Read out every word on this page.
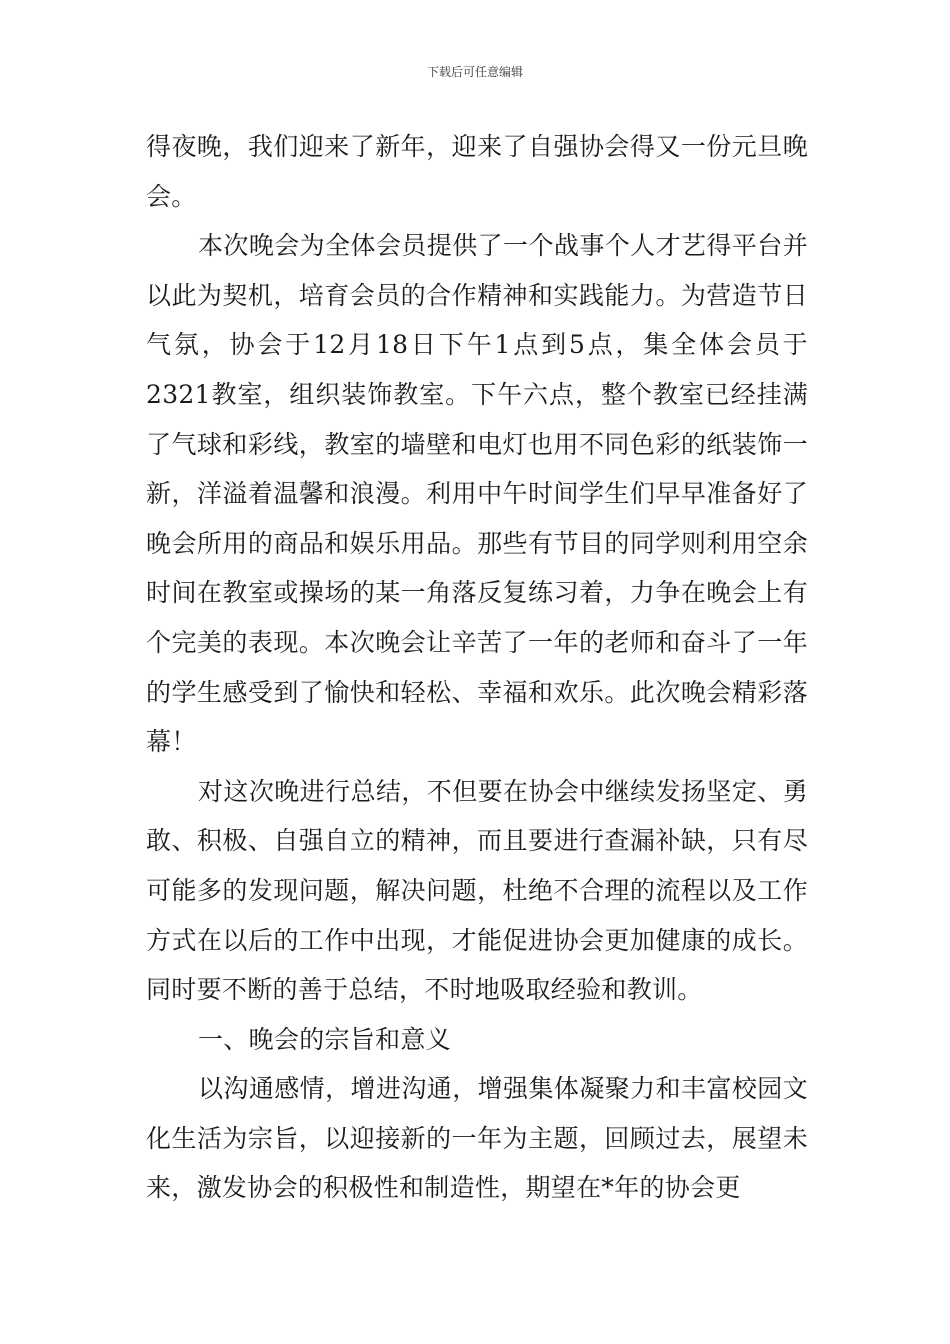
下载后可任意编辑

得夜晚，我们迎来了新年，迎来了自强协会得又一份元旦晚会。

本次晚会为全体会员提供了一个战事个人才艺得平台并以此为契机，培育会员的合作精神和实践能力。为营造节日气氛，协会于12月18日下午1点到5点，集全体会员于2321教室，组织装饰教室。下午六点，整个教室已经挂满了气球和彩线，教室的墙壁和电灯也用不同色彩的纸装饰一新，洋溢着温馨和浪漫。利用中午时间学生们早早准备好了晚会所用的商品和娱乐用品。那些有节目的同学则利用空余时间在教室或操场的某一角落反复练习着，力争在晚会上有个完美的表现。本次晚会让辛苦了一年的老师和奋斗了一年的学生感受到了愉快和轻松、幸福和欢乐。此次晚会精彩落幕！

对这次晚进行总结，不但要在协会中继续发扬坚定、勇敢、积极、自强自立的精神，而且要进行查漏补缺，只有尽可能多的发现问题，解决问题，杜绝不合理的流程以及工作方式在以后的工作中出现，才能促进协会更加健康的成长。同时要不断的善于总结，不时地吸取经验和教训。

一、晚会的宗旨和意义

以沟通感情，增进沟通，增强集体凝聚力和丰富校园文化生活为宗旨，以迎接新的一年为主题，回顾过去，展望未来，激发协会的积极性和制造性，期望在*年的协会更
